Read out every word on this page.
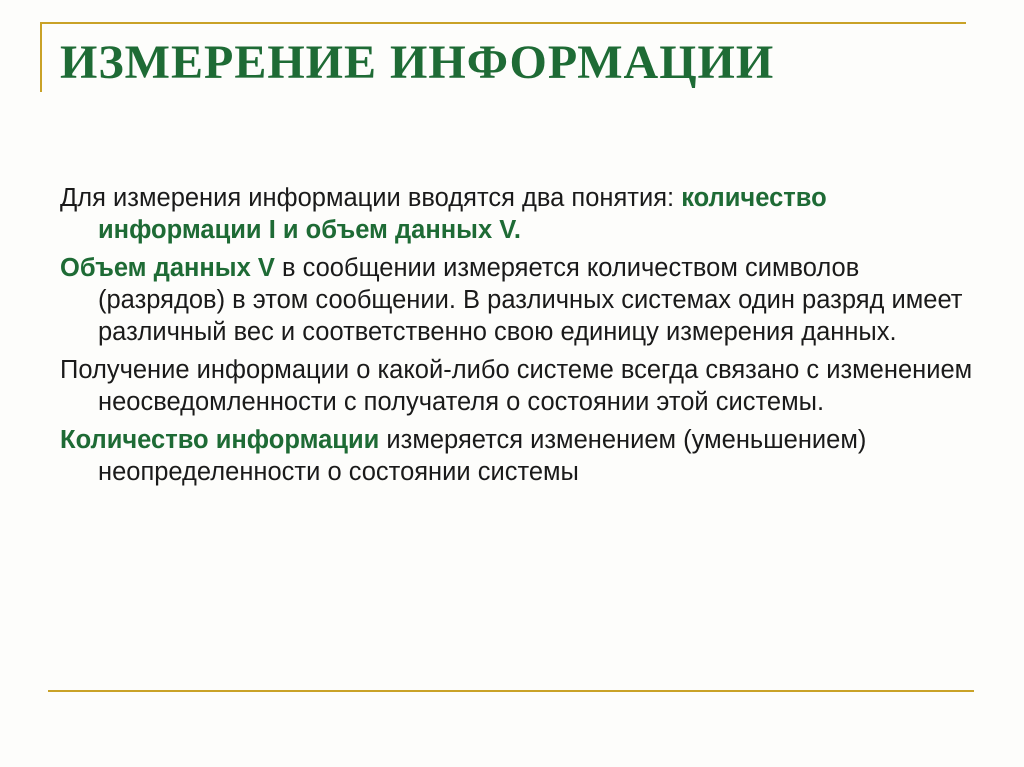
ИЗМЕРЕНИЕ ИНФОРМАЦИИ

Для измерения информации вводятся два понятия: количество информации I и объем данных V.

Объем данных V в сообщении измеряется количеством символов (разрядов) в этом сообщении. В различных системах один разряд имеет различный вес и соответственно свою единицу измерения данных.

Получение информации о какой-либо системе всегда связано с изменением неосведомленности с получателя о состоянии этой системы.

Количество информации измеряется изменением (уменьшением) неопределенности о состоянии системы
